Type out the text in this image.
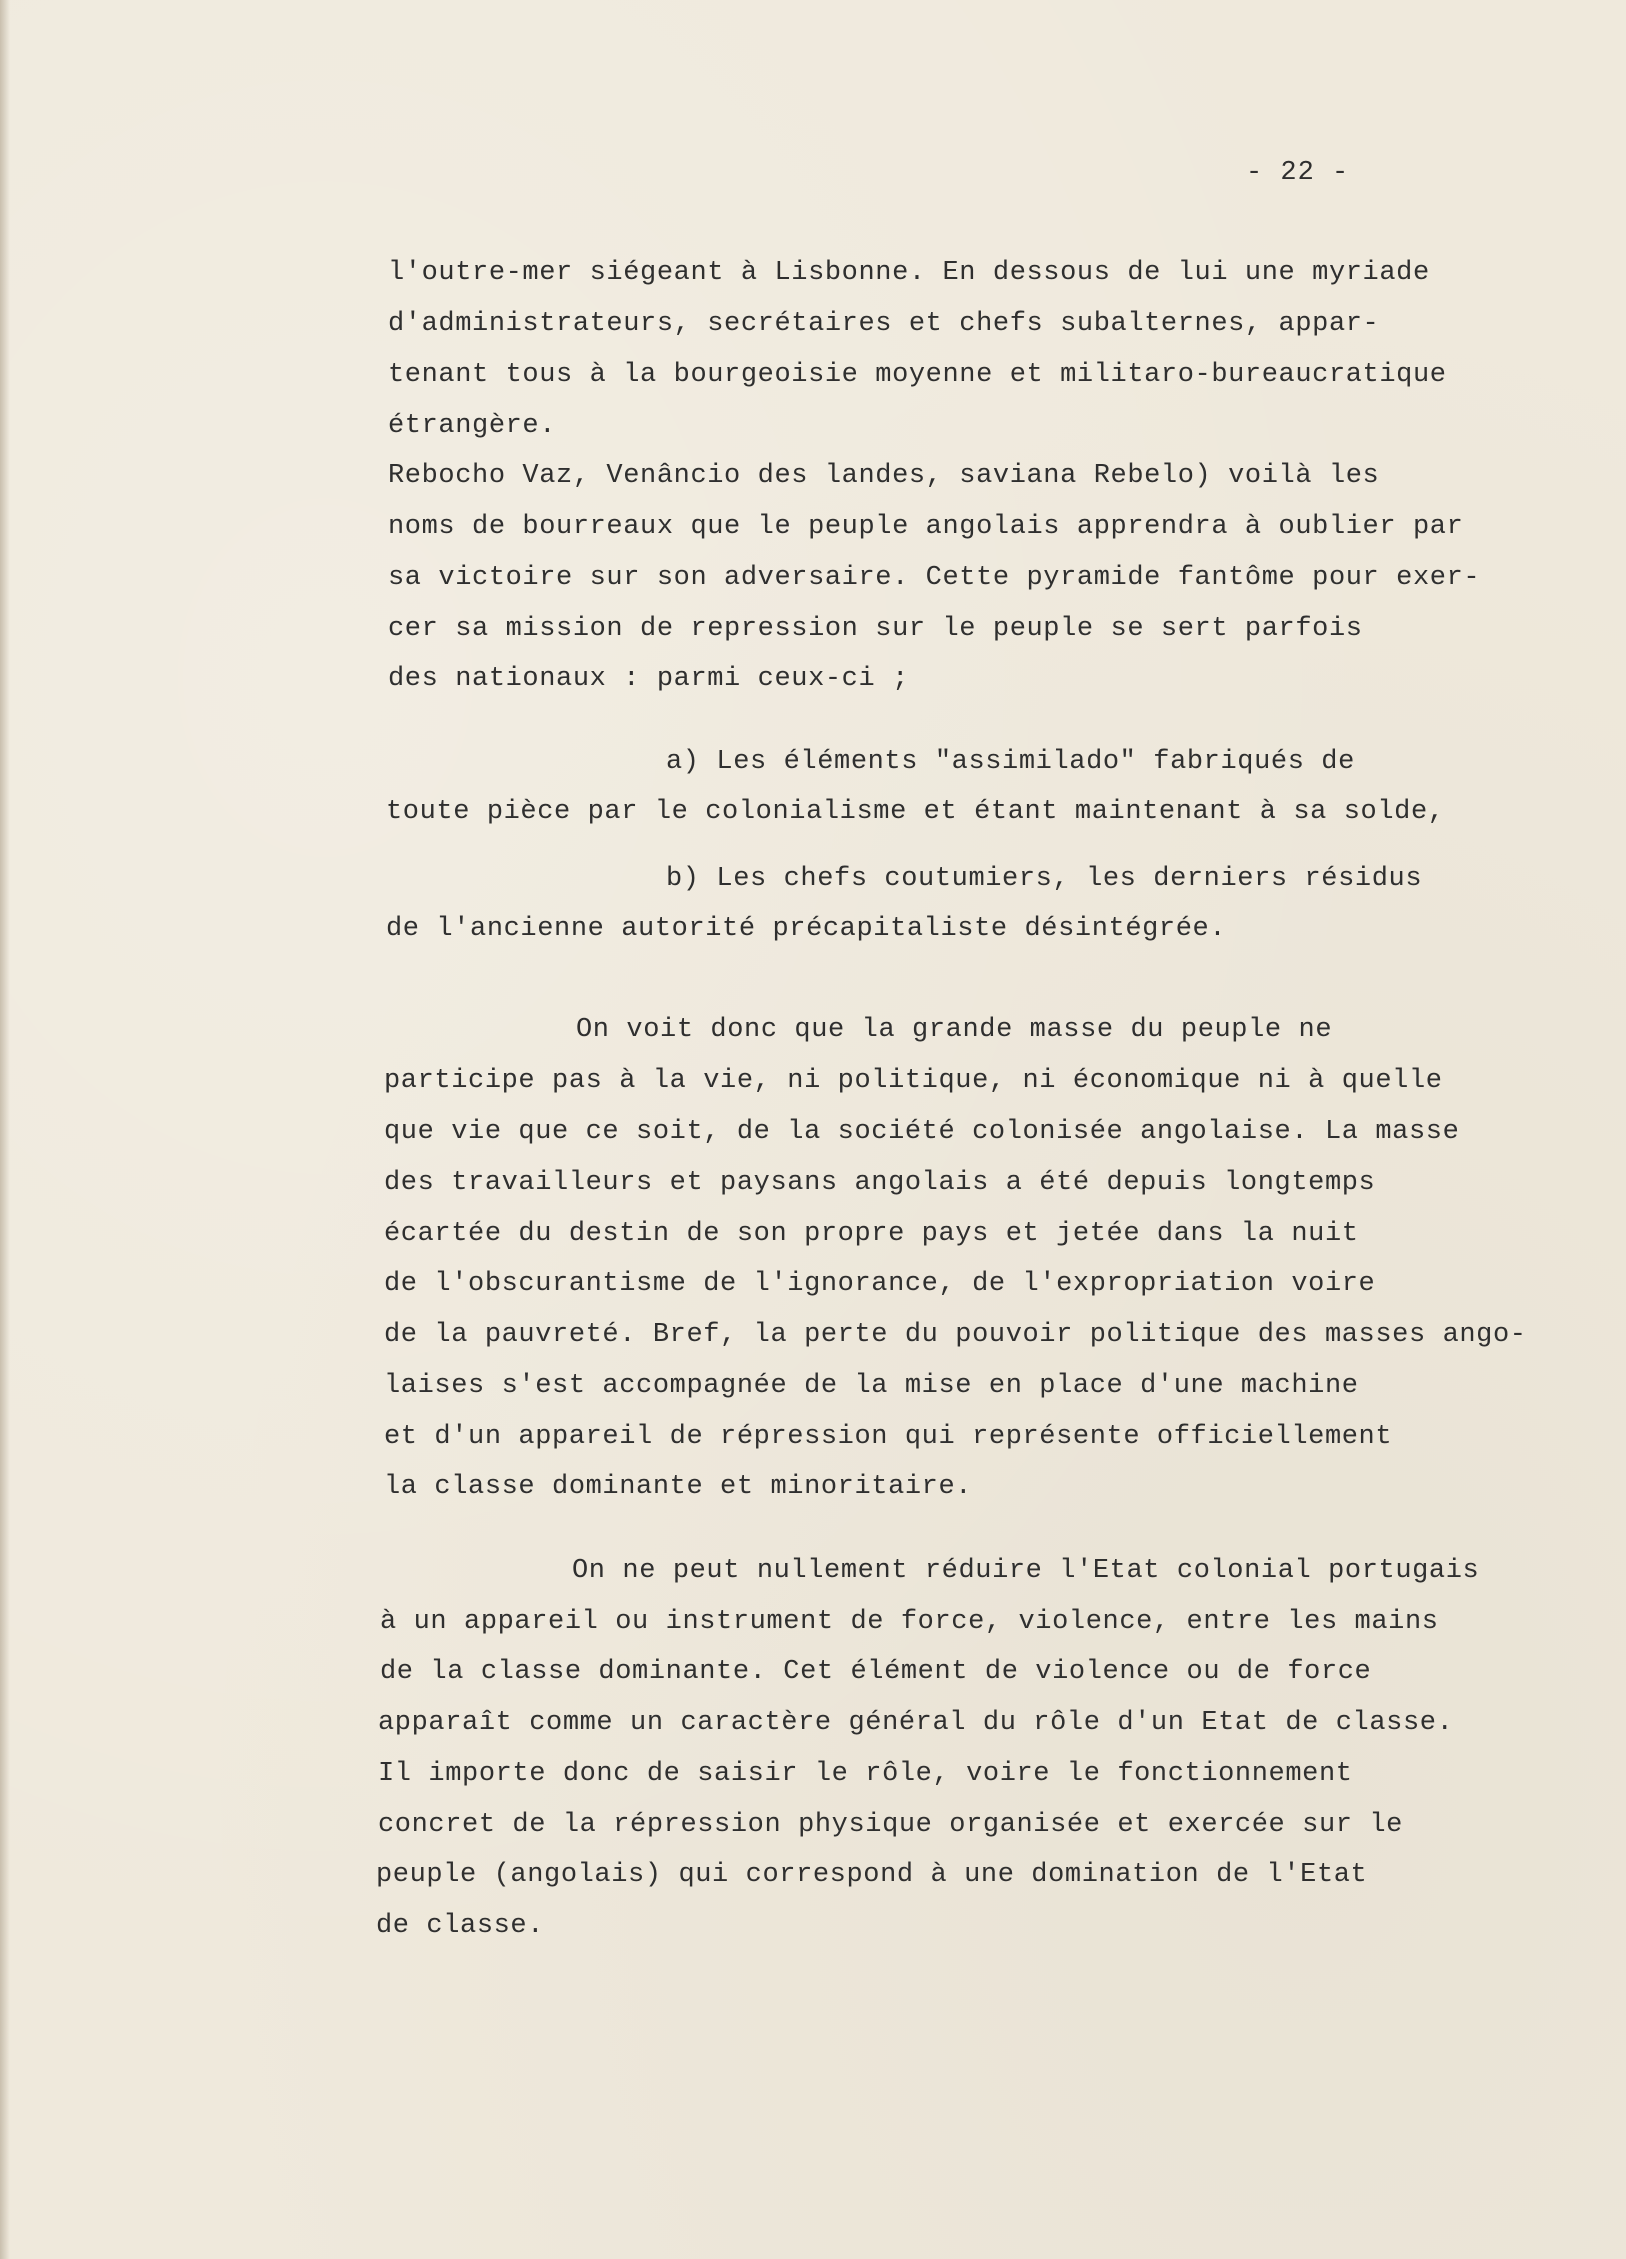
- 22 -
l'outre-mer siégeant à Lisbonne. En dessous de lui une myriade
d'administrateurs, secrétaires et chefs subalternes, appar-
tenant tous à la bourgeoisie moyenne et militaro-bureaucratique
étrangère.
Rebocho Vaz, Venâncio des landes, saviana Rebelo) voilà les
noms de bourreaux que le peuple angolais apprendra à oublier par
sa victoire sur son adversaire. Cette pyramide fantôme pour exer-
cer sa mission de repression sur le peuple se sert parfois
des nationaux : parmi ceux-ci ;
a) Les éléments "assimilado" fabriqués de
toute pièce par le colonialisme et étant maintenant à sa solde,
b) Les chefs coutumiers, les derniers résidus
de l'ancienne autorité précapitaliste désintégrée.
On voit donc que la grande masse du peuple ne
participe pas à la vie, ni politique, ni économique ni à quelle
que vie que ce soit, de la société colonisée angolaise. La masse
des travailleurs et paysans angolais a été depuis longtemps
écartée du destin de son propre pays et jetée dans la nuit
de l'obscurantisme de l'ignorance, de l'expropriation voire
de la pauvreté. Bref, la perte du pouvoir politique des masses ango-
laises s'est accompagnée de la mise en place d'une machine
et d'un appareil de répression qui représente officiellement
la classe dominante et minoritaire.
On ne peut nullement réduire l'Etat colonial portugais
à un appareil ou instrument de force, violence, entre les mains
de la classe dominante. Cet élément de violence ou de force
apparaît comme un caractère général du rôle d'un Etat de classe.
Il importe donc de saisir le rôle, voire le fonctionnement
concret de la répression physique organisée et exercée sur le
peuple (angolais) qui correspond à une domination de l'Etat
de classe.
